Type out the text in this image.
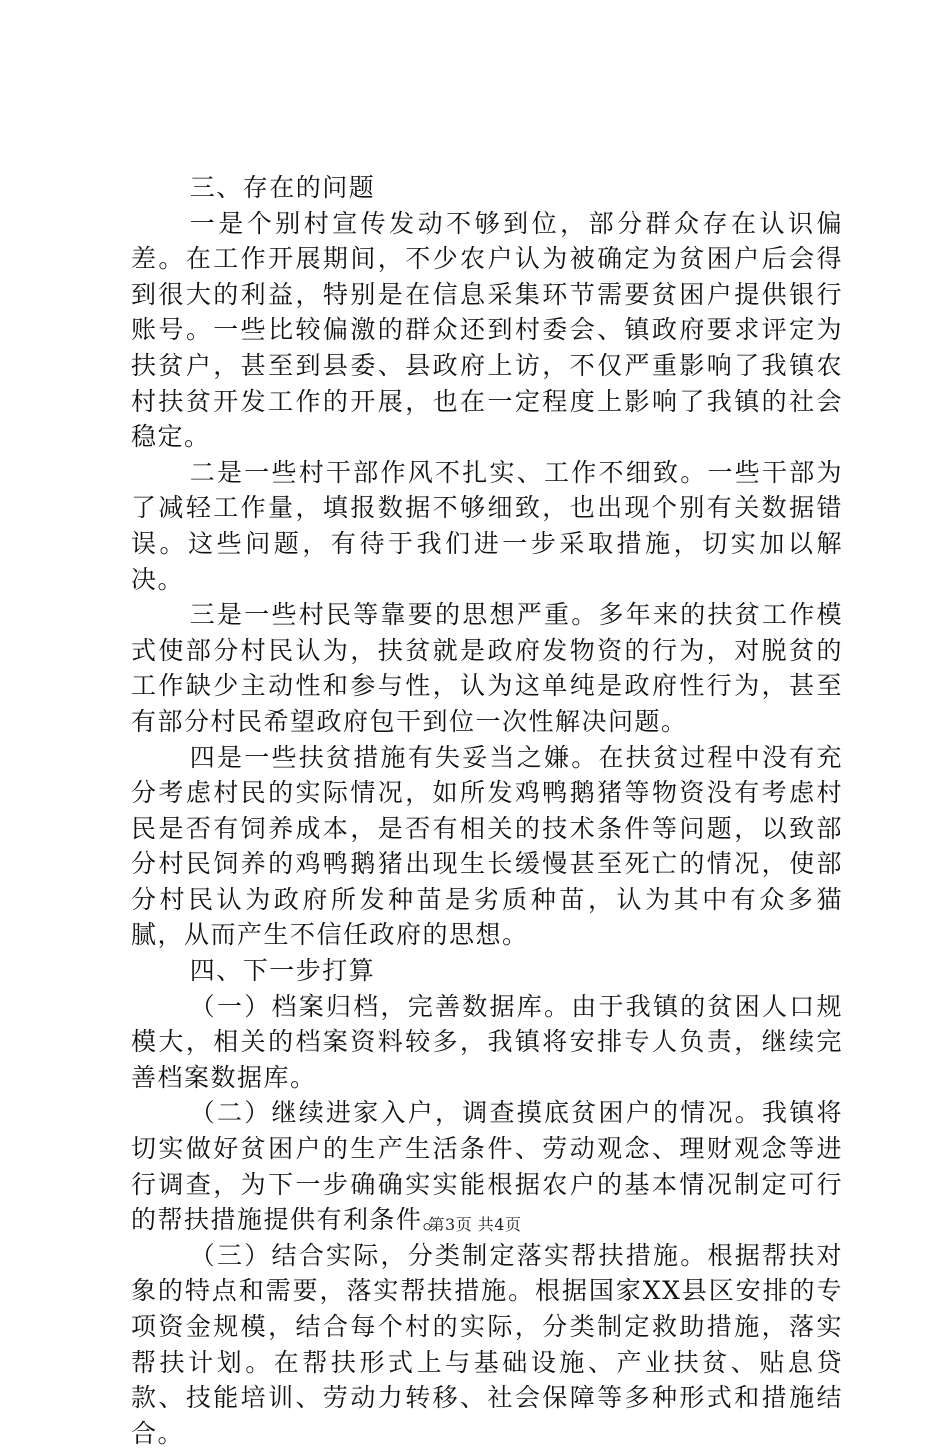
三、存在的问题

一是个别村宣传发动不够到位，部分群众存在认识偏差。在工作开展期间，不少农户认为被确定为贫困户后会得到很大的利益，特别是在信息采集环节需要贫困户提供银行账号。一些比较偏激的群众还到村委会、镇政府要求评定为扶贫户，甚至到县委、县政府上访，不仅严重影响了我镇农村扶贫开发工作的开展，也在一定程度上影响了我镇的社会稳定。

二是一些村干部作风不扎实、工作不细致。一些干部为了减轻工作量，填报数据不够细致，也出现个别有关数据错误。这些问题，有待于我们进一步采取措施，切实加以解决。

三是一些村民等靠要的思想严重。多年来的扶贫工作模式使部分村民认为，扶贫就是政府发物资的行为，对脱贫的工作缺少主动性和参与性，认为这单纯是政府性行为，甚至有部分村民希望政府包干到位一次性解决问题。

四是一些扶贫措施有失妥当之嫌。在扶贫过程中没有充分考虑村民的实际情况，如所发鸡鸭鹅猪等物资没有考虑村民是否有饲养成本，是否有相关的技术条件等问题，以致部分村民饲养的鸡鸭鹅猪出现生长缓慢甚至死亡的情况，使部分村民认为政府所发种苗是劣质种苗，认为其中有众多猫腻，从而产生不信任政府的思想。

四、下一步打算

（一）档案归档，完善数据库。由于我镇的贫困人口规模大，相关的档案资料较多，我镇将安排专人负责，继续完善档案数据库。

（二）继续进家入户，调查摸底贫困户的情况。我镇将切实做好贫困户的生产生活条件、劳动观念、理财观念等进行调查，为下一步确确实实能根据农户的基本情况制定可行的帮扶措施提供有利条件。

（三）结合实际，分类制定落实帮扶措施。根据帮扶对象的特点和需要，落实帮扶措施。根据国家XX县区安排的专项资金规模，结合每个村的实际，分类制定救助措施，落实帮扶计划。在帮扶形式上与基础设施、产业扶贫、贴息贷款、技能培训、劳动力转移、社会保障等多种形式和措施结合。

第3页 共4页
